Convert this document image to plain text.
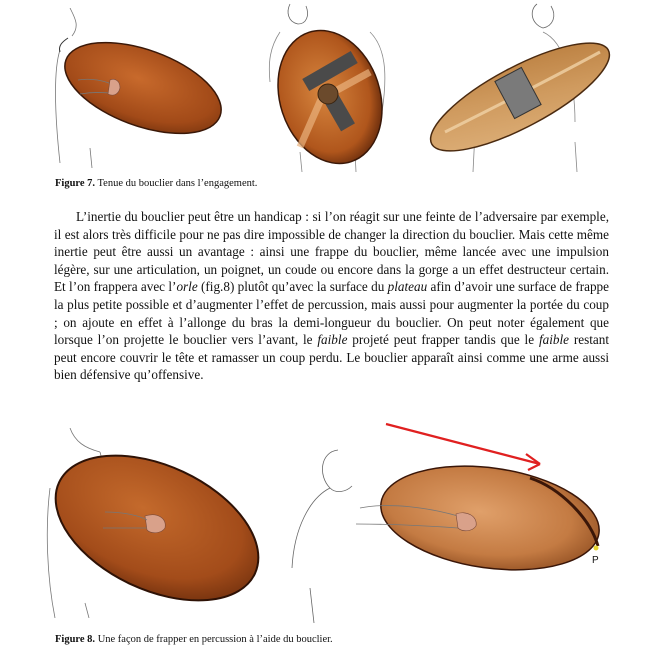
Figure 7. Tenue du bouclier dans l’engagement.

L’inertie du bouclier peut être un handicap : si l’on réagit sur une feinte de l’adversaire par exemple, il est alors très difficile pour ne pas dire impossible de changer la direction du bouclier. Mais cette même inertie peut être aussi un avantage : ainsi une frappe du bouclier, même lancée avec une impulsion légère, sur une articulation, un poignet, un coude ou encore dans la gorge a un effet destructeur certain. Et l’on frappera avec l’orle (fig.8) plutôt qu’avec la surface du plateau afin d’avoir une surface de frappe la plus petite possible et d’augmenter l’effet de percussion, mais aussi pour augmenter la portée du coup ; on ajoute en effet à l’allonge du bras la demi-longueur du bouclier. On peut noter également que lorsque l’on projette le bouclier vers l’avant, le faible projeté peut frapper tandis que le faible restant peut encore couvrir le tête et ramasser un coup perdu. Le bouclier apparaît ainsi comme une arme aussi bien défensive qu’offensive.

P
Figure 8. Une façon de frapper en percussion à l’aide du bouclier.
